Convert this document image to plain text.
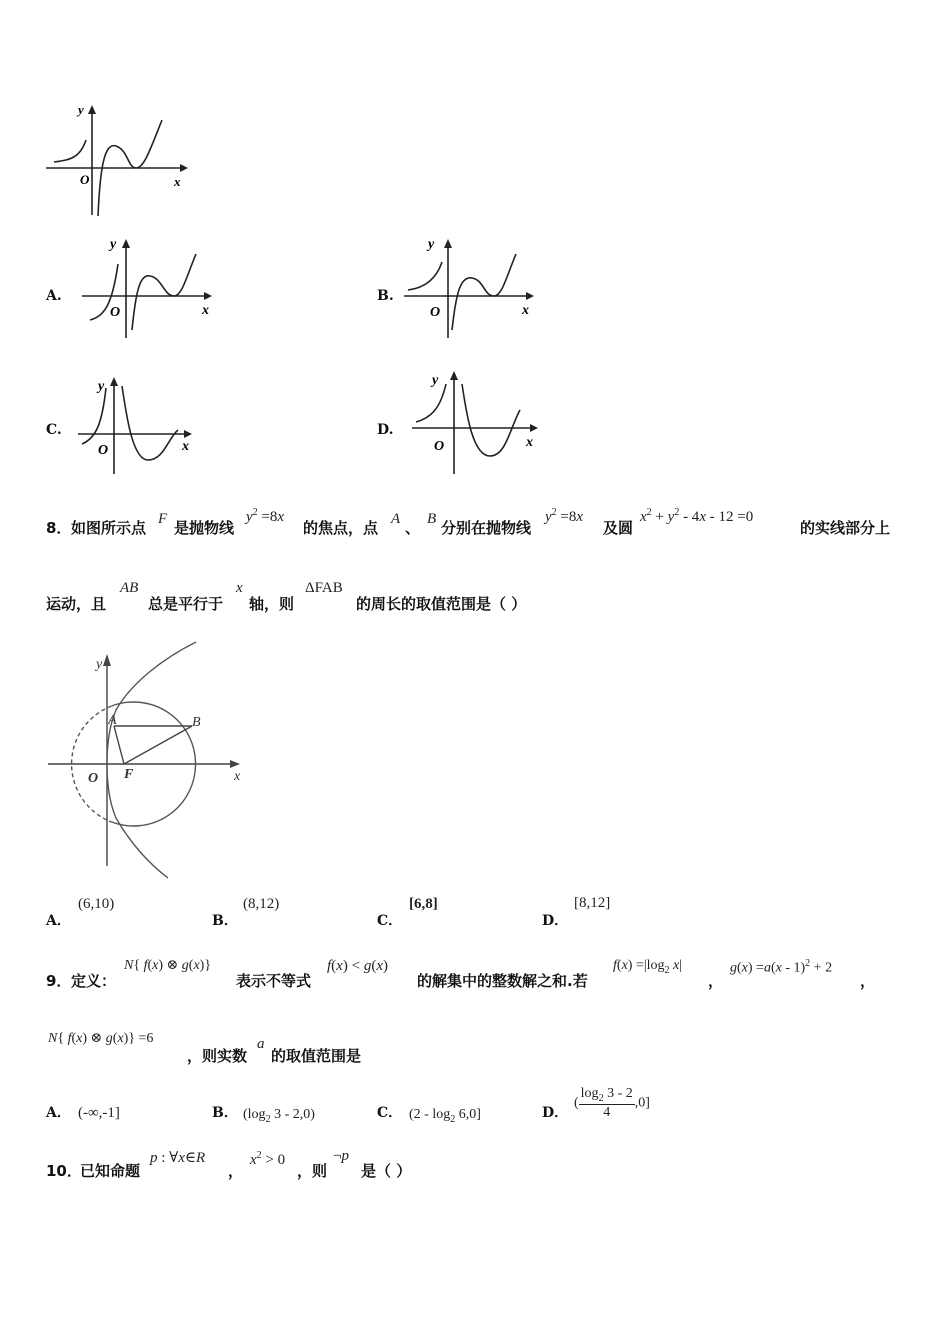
y
O	x
A.
y
O	x
B.
y
O	x
C.
y
O	x
D.
y
O	x
8． 如图所示点 F 是抛物线
$y^2 =8x$
的焦点，点 A 、 B 分别在抛物线
$y^2 =8x$
及圆
$x^2 + y^2 - 4x - 12 =0$
的实线部分上
运动，且
AB
总是平行于
x
轴，则
ΔFAB
的周长的取值范围是（ ）
y
x
A	B
O F
A．
(6,10)
B．
(8,12)
C．
[6,8]
D．
[8,12]
9． 定义：
N{ f(x) ⊗ g(x)}
表示不等式
f(x) < g(x)
的解集中的整数解之和.若
$f(x) =|\log_2$ x|
，
g(x) =a(x - 1)$^2$ + 2
，
N{ f(x) ⊗ g(x)} =6
，则实数
a
的取值范围是
A． (-∞,-1]	B． ($\log_2$ 3 - 2,0)	C． $(2 - \log_2 6,0]$	D．
( $\frac{\log_2 3 - 2}{4} ,0$]
10．
已知命题
p : ∀x∈R
，
$x^2 > 0$
，则
¬p
是（ ）
